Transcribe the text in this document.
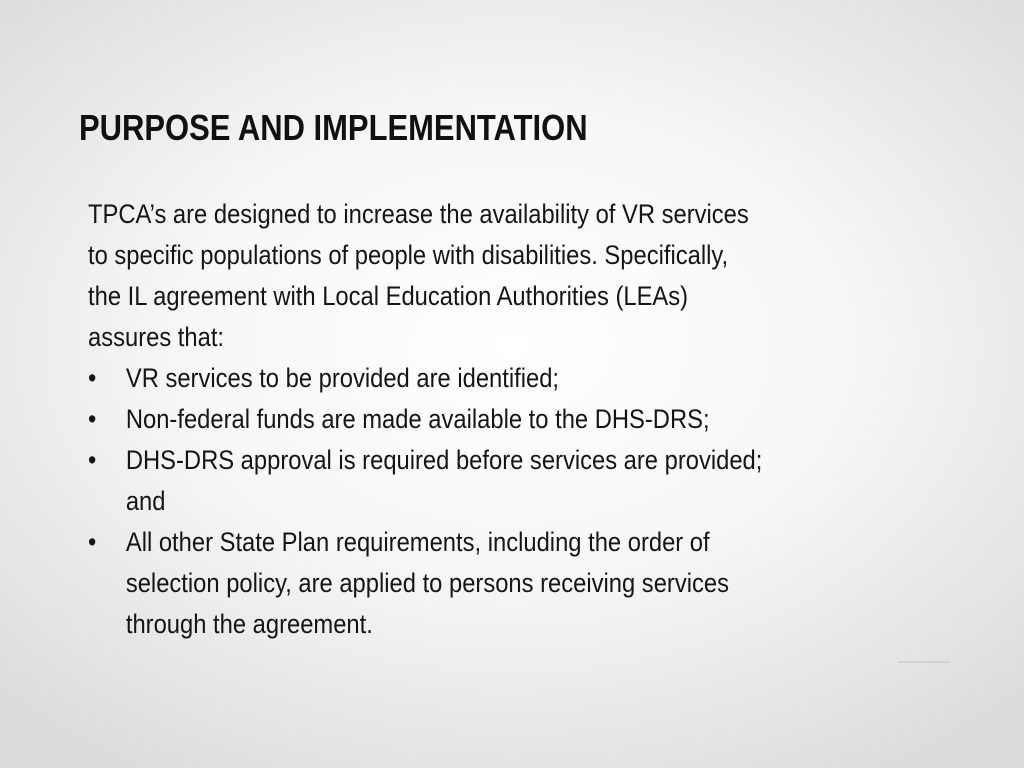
PURPOSE AND IMPLEMENTATION

TPCA’s are designed to increase the availability of VR services
to specific populations of people with disabilities. Specifically,
the IL agreement with Local Education Authorities (LEAs)
assures that:

•	VR services to be provided are identified;
•	Non-federal funds are made available to the DHS-DRS;
•	DHS-DRS approval is required before services are provided;
and
•	All other State Plan requirements, including the order of
selection policy, are applied to persons receiving services
through the agreement.
